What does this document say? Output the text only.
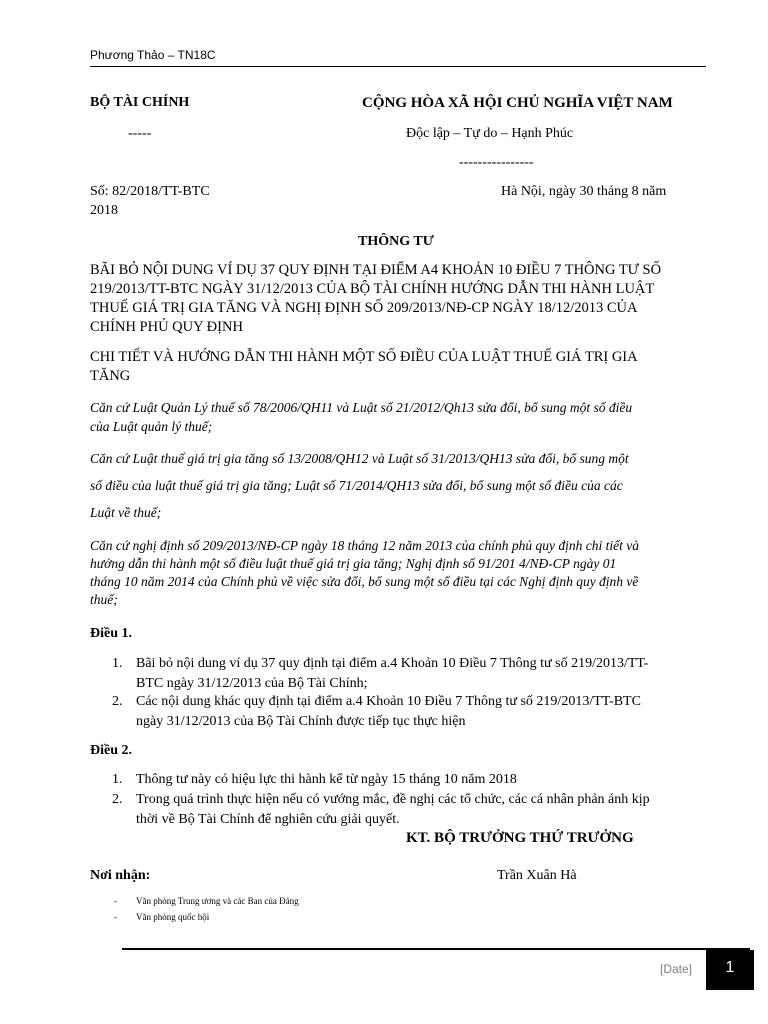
Phương Thảo – TN18C
BỘ TÀI CHÍNH
-----
CỘNG HÒA XÃ HỘI CHỦ NGHĨA VIỆT NAM
Độc lập – Tự do – Hạnh Phúc
----------------
Số: 82/2018/TT-BTC	Hà Nội, ngày 30 tháng 8 năm
2018
THÔNG TƯ
BÃI BỎ NỘI DUNG VÍ DỤ 37 QUY ĐỊNH TẠI ĐIỂM A4 KHOẢN 10 ĐIỀU 7 THÔNG TƯ SỐ
219/2013/TT-BTC NGÀY 31/12/2013 CỦA BỘ TÀI CHÍNH HƯỚNG DẪN THI HÀNH LUẬT
THUẾ GIÁ TRỊ GIA TĂNG VÀ NGHỊ ĐỊNH SỐ 209/2013/NĐ-CP NGÀY 18/12/2013 CỦA
CHÍNH PHỦ QUY ĐỊNH
CHI TIẾT VÀ HƯỚNG DẪN THI HÀNH MỘT SỐ ĐIỀU CỦA LUẬT THUẾ GIÁ TRỊ GIA
TĂNG
Căn cứ Luật Quản Lý thuế số 78/2006/QH11 và Luật số 21/2012/Qh13 sửa đổi, bổ sung một số điều
của Luật quản lý thuế;
Căn cứ Luật thuế giá trị gia tăng số 13/2008/QH12 và Luật số 31/2013/QH13 sửa đổi, bổ sung một
số điều của luật thuế giá trị gia tăng; Luật số 71/2014/QH13 sửa đổi, bổ sung một số điều của các
Luật về thuế;
Căn cứ nghị định số 209/2013/NĐ-CP ngày 18 tháng 12 năm 2013 của chính phủ quy định chi tiết và
hướng dẫn thi hành một số điều luật thuế giá trị gia tăng; Nghị định số 91/201 4/NĐ-CP ngày 01
tháng 10 năm 2014 của Chính phủ về việc sửa đổi, bổ sung một số điều tại các Nghị định quy định về
thuế;
Điều 1.
1. Bãi bỏ nội dung ví dụ 37 quy định tại điểm a.4 Khoản 10 Điều 7 Thông tư số 219/2013/TT-
BTC ngày 31/12/2013 của Bộ Tài Chính;
2. Các nội dung khác quy định tại điểm a.4 Khoản 10 Điều 7 Thông tư số 219/2013/TT-BTC
ngày 31/12/2013 của Bộ Tài Chính được tiếp tục thực hiện
Điều 2.
1. Thông tư này có hiệu lực thi hành kể từ ngày 15 tháng 10 năm 2018
2. Trong quá trình thực hiện nếu có vướng mắc, đề nghị các tổ chức, các cá nhân phản ánh kịp
thời về Bộ Tài Chính để nghiên cứu giải quyết.
KT. BỘ TRƯỞNG THỨ TRƯỞNG
Trần Xuân Hà
Nơi nhận:
- Văn phòng Trung ương và các Ban của Đảng
- Văn phòng quốc hội
[Date]	1
